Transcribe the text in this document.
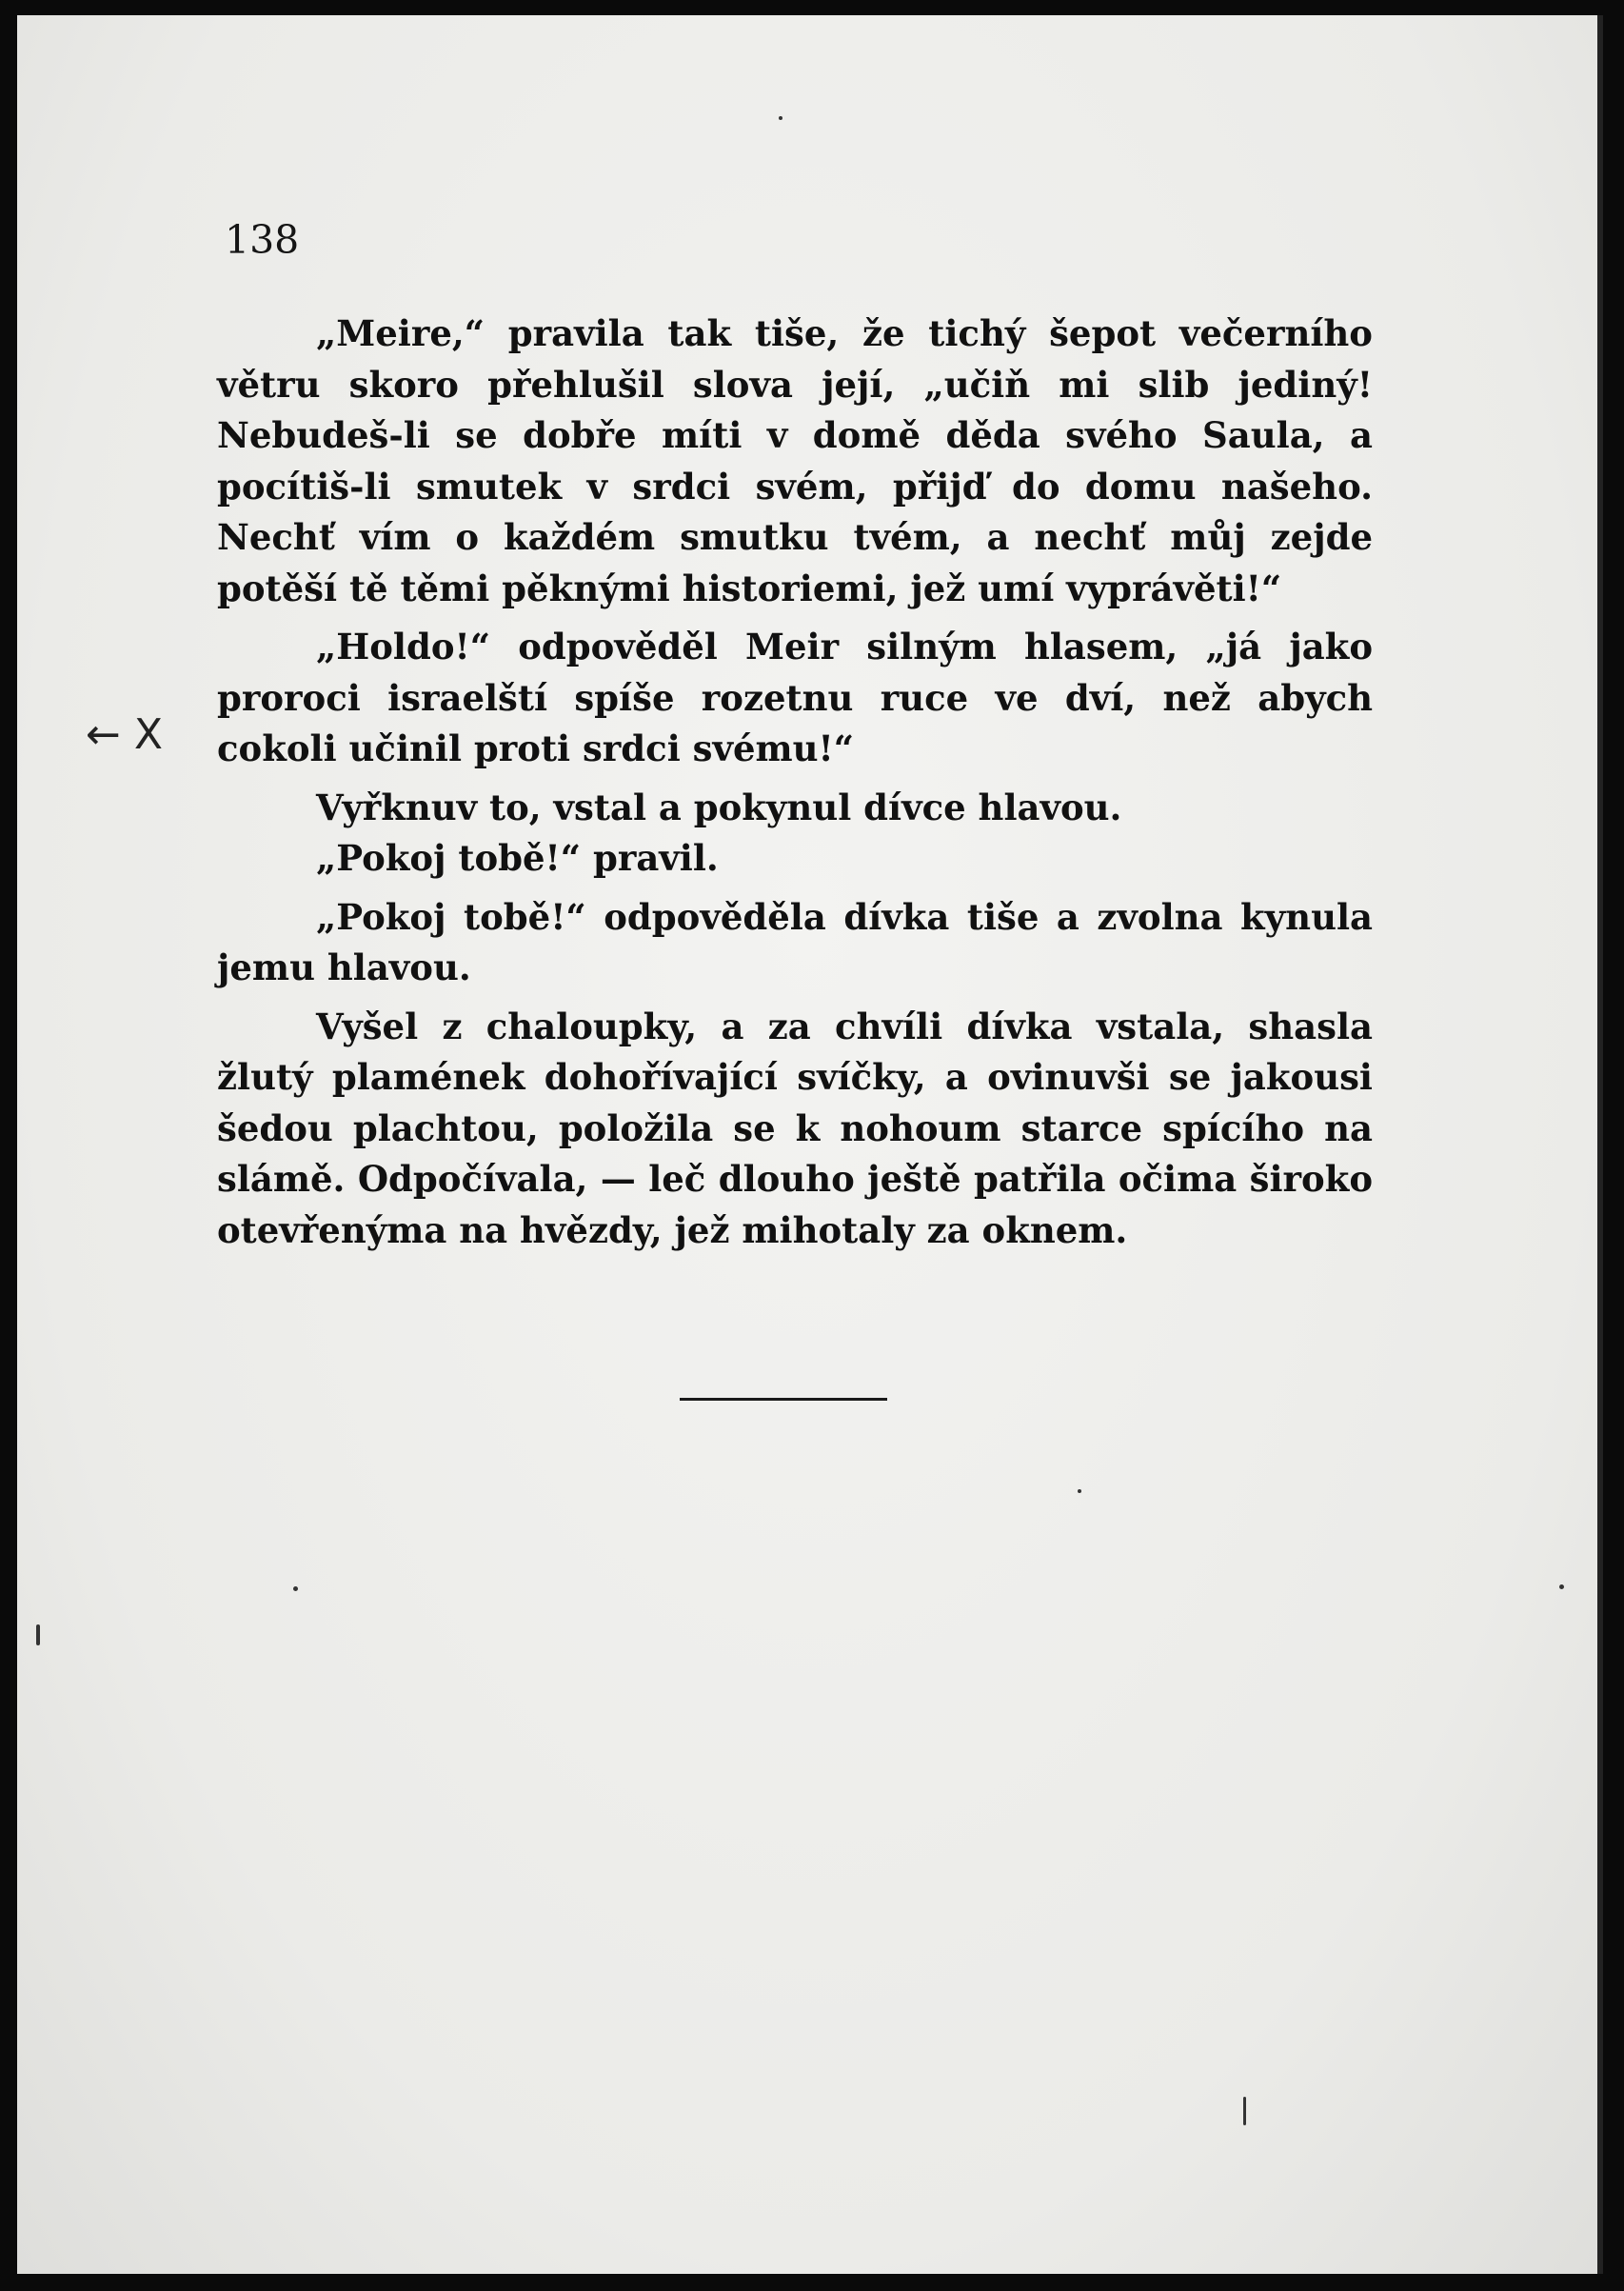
138
← X

„Meire,“ pravila tak tiše, že tichý šepot večerního větru skoro přehlušil slova její, „učiň mi slib jediný! Nebudeš-li se dobře míti v domě děda svého Saula, a pocítiš-li smutek v srdci svém, přijď do domu našeho. Nechť vím o každém smutku tvém, a nechť můj zejde potěší tě těmi pěknými historiemi, jež umí vyprávěti!“

„Holdo!“ odpověděl Meir silným hlasem, „já jako proroci israelští spíše rozetnu ruce ve dví, než abych cokoli učinil proti srdci svému!“

Vyřknuv to, vstal a pokynul dívce hlavou.

„Pokoj tobě!“ pravil.

„Pokoj tobě!“ odpověděla dívka tiše a zvolna kynula jemu hlavou.

Vyšel z chaloupky, a za chvíli dívka vstala, shasla žlutý plamének dohořívající svíčky, a ovinuvši se jakousi šedou plachtou, položila se k nohoum starce spícího na slámě. Odpočívala, — leč dlouho ještě patřila očima široko otevřenýma na hvězdy, jež mihotaly za oknem.
